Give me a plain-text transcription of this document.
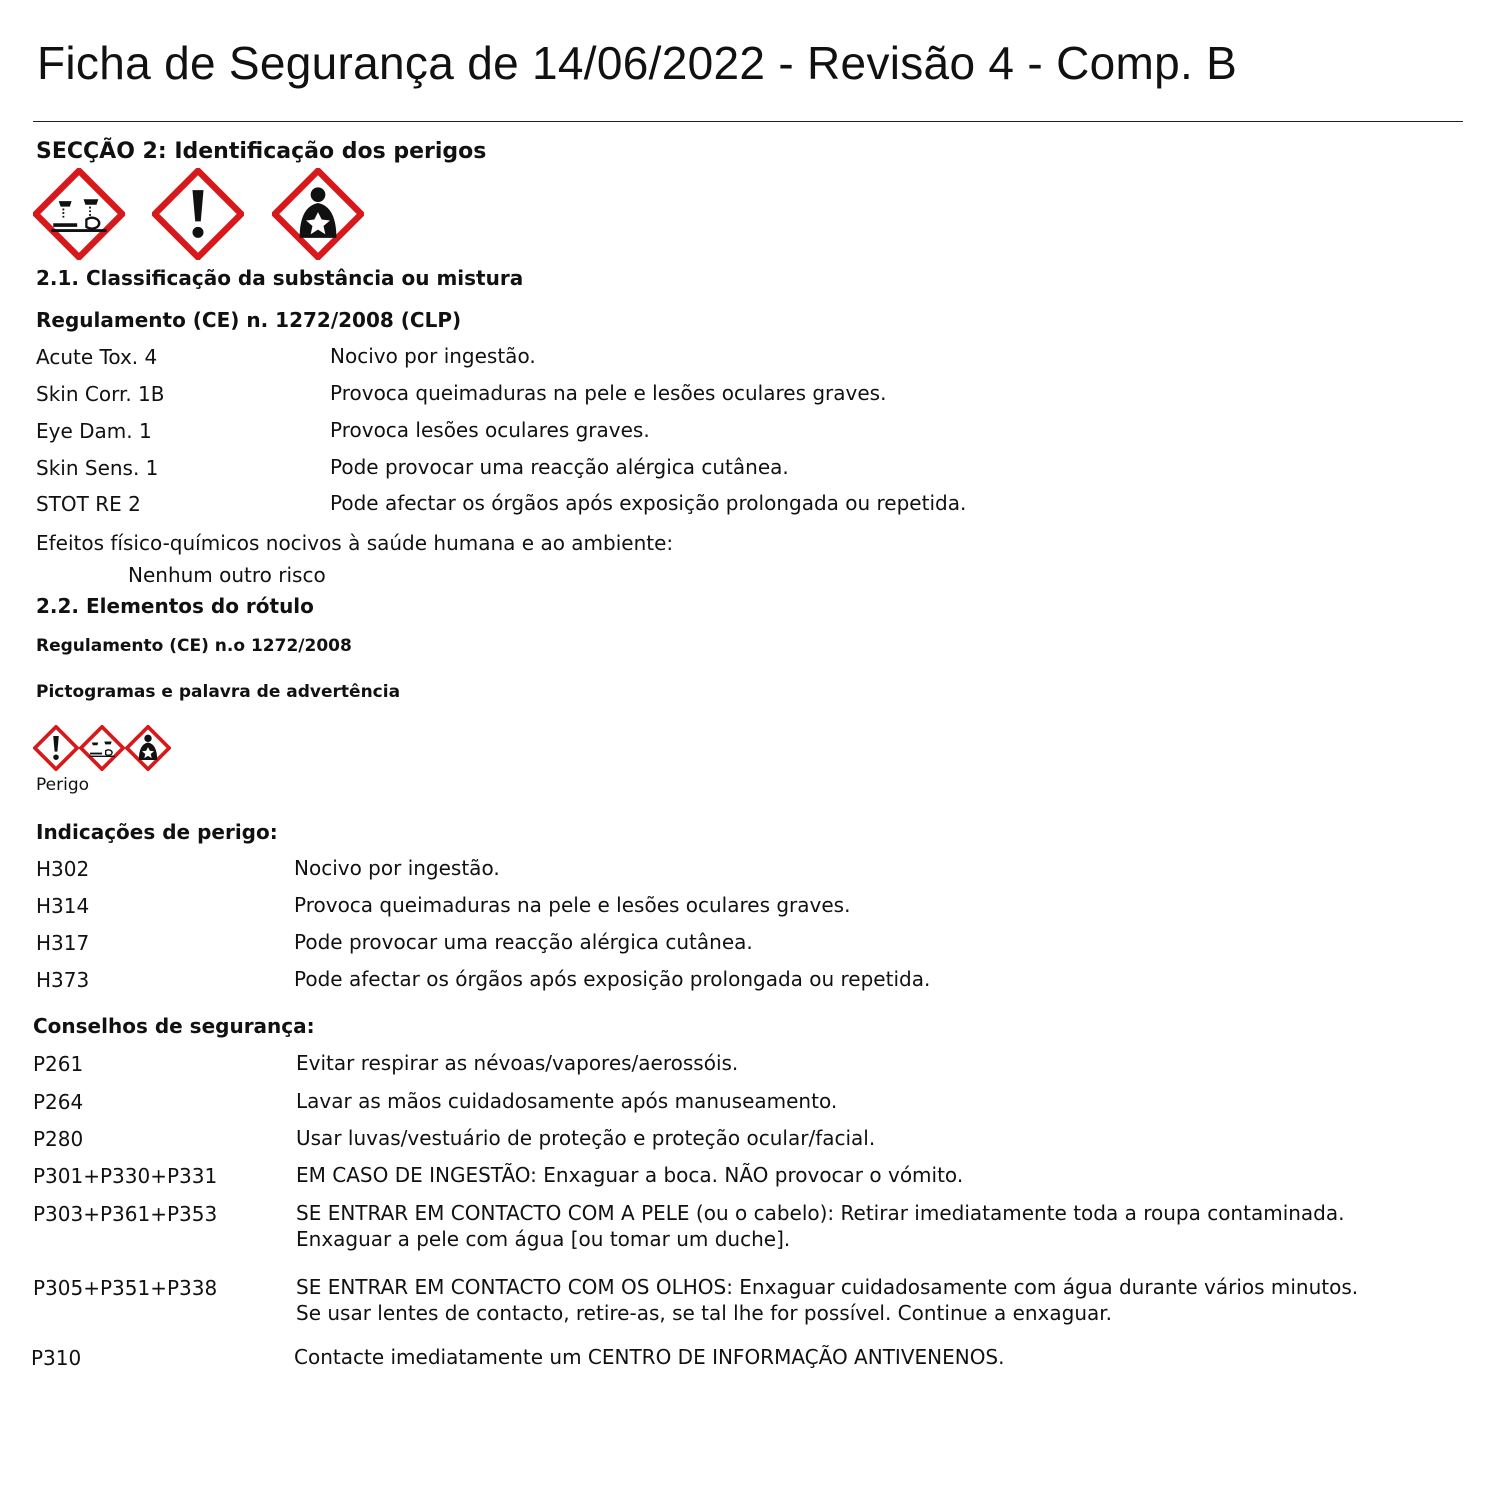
Ficha de Segurança de 14/06/2022 - Revisão 4 - Comp. B
SECÇÃO 2: Identificação dos perigos
2.1. Classificação da substância ou mistura
Regulamento (CE) n. 1272/2008 (CLP)
Acute Tox. 4	Nocivo por ingestão.
Skin Corr. 1B	Provoca queimaduras na pele e lesões oculares graves.
Eye Dam. 1	Provoca lesões oculares graves.
Skin Sens. 1	Pode provocar uma reacção alérgica cutânea.
STOT RE 2	Pode afectar os órgãos após exposição prolongada ou repetida.
Efeitos físico-químicos nocivos à saúde humana e ao ambiente:
Nenhum outro risco
2.2. Elementos do rótulo
Regulamento (CE) n.o 1272/2008
Pictogramas e palavra de advertência
Perigo
Indicações de perigo:
H302	Nocivo por ingestão.
H314	Provoca queimaduras na pele e lesões oculares graves.
H317	Pode provocar uma reacção alérgica cutânea.
H373	Pode afectar os órgãos após exposição prolongada ou repetida.
Conselhos de segurança:
P261	Evitar respirar as névoas/vapores/aerossóis.
P264	Lavar as mãos cuidadosamente após manuseamento.
P280	Usar luvas/vestuário de proteção e proteção ocular/facial.
P301+P330+P331	EM CASO DE INGESTÃO: Enxaguar a boca. NÃO provocar o vómito.
P303+P361+P353	SE ENTRAR EM CONTACTO COM A PELE (ou o cabelo): Retirar imediatamente toda a roupa contaminada.
Enxaguar a pele com água [ou tomar um duche].
P305+P351+P338	SE ENTRAR EM CONTACTO COM OS OLHOS: Enxaguar cuidadosamente com água durante vários minutos.
Se usar lentes de contacto, retire-as, se tal lhe for possível. Continue a enxaguar.
P310	Contacte imediatamente um CENTRO DE INFORMAÇÃO ANTIVENENOS.
